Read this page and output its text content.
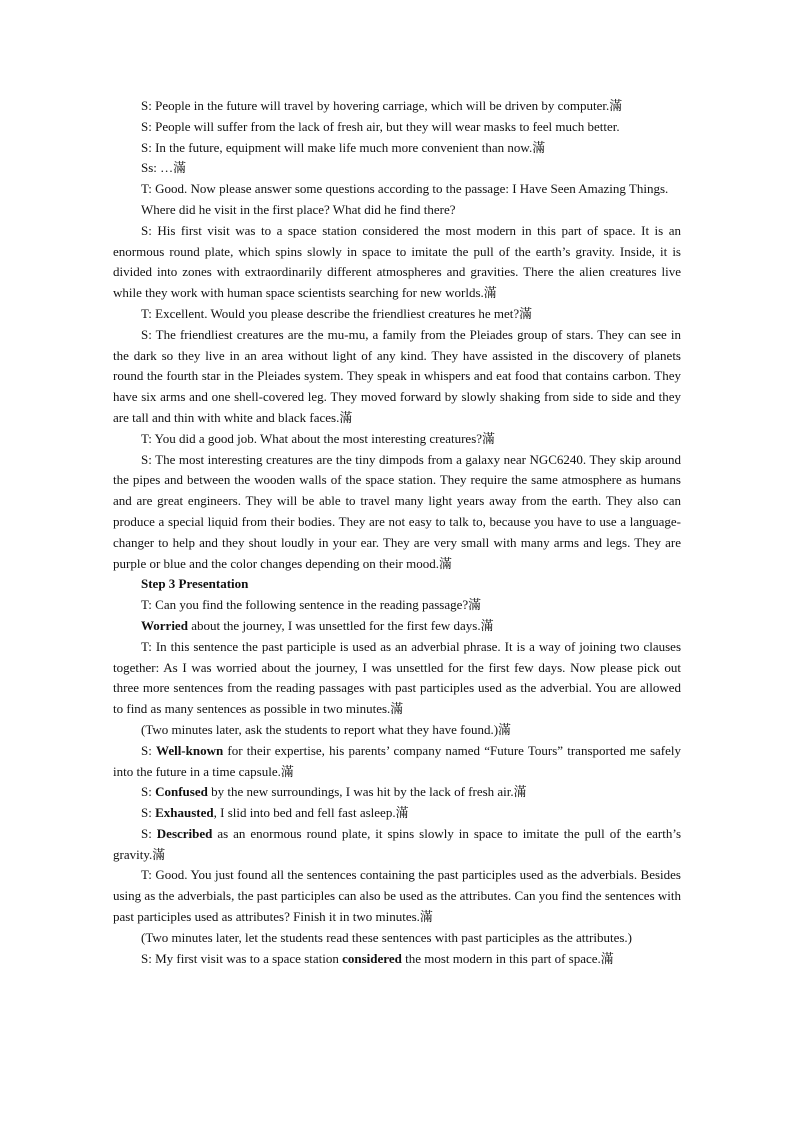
S: People in the future will travel by hovering carriage, which will be driven by computer.滿

S: People will suffer from the lack of fresh air, but they will wear masks to feel much better.

S: In the future, equipment will make life much more convenient than now.滿

Ss: …滿

T: Good. Now please answer some questions according to the passage: I Have Seen Amazing Things.

Where did he visit in the first place? What did he find there?

S: His first visit was to a space station considered the most modern in this part of space. It is an enormous round plate, which spins slowly in space to imitate the pull of the earth’s gravity. Inside, it is divided into zones with extraordinarily different atmospheres and gravities. There the alien creatures live while they work with human space scientists searching for new worlds.滿

T: Excellent. Would you please describe the friendliest creatures he met?滿

S: The friendliest creatures are the mu-mu, a family from the Pleiades group of stars. They can see in the dark so they live in an area without light of any kind. They have assisted in the discovery of planets round the fourth star in the Pleiades system. They speak in whispers and eat food that contains carbon. They have six arms and one shell-covered leg. They moved forward by slowly shaking from side to side and they are tall and thin with white and black faces.滿

T: You did a good job. What about the most interesting creatures?滿

S: The most interesting creatures are the tiny dimpods from a galaxy near NGC6240. They skip around the pipes and between the wooden walls of the space station. They require the same atmosphere as humans and are great engineers. They will be able to travel many light years away from the earth. They also can produce a special liquid from their bodies. They are not easy to talk to, because you have to use a language-changer to help and they shout loudly in your ear. They are very small with many arms and legs. They are purple or blue and the color changes depending on their mood.滿

Step 3 Presentation

T: Can you find the following sentence in the reading passage?滿

Worried about the journey, I was unsettled for the first few days.滿

T: In this sentence the past participle is used as an adverbial phrase. It is a way of joining two clauses together: As I was worried about the journey, I was unsettled for the first few days. Now please pick out three more sentences from the reading passages with past participles used as the adverbial. You are allowed to find as many sentences as possible in two minutes.滿

(Two minutes later, ask the students to report what they have found.)滿

S: Well-known for their expertise, his parents’ company named “Future Tours” transported me safely into the future in a time capsule.滿

S: Confused by the new surroundings, I was hit by the lack of fresh air.滿

S: Exhausted, I slid into bed and fell fast asleep.滿

S: Described as an enormous round plate, it spins slowly in space to imitate the pull of the earth’s gravity.滿

T: Good. You just found all the sentences containing the past participles used as the adverbials. Besides using as the adverbials, the past participles can also be used as the attributes. Can you find the sentences with past participles used as attributes? Finish it in two minutes.滿

(Two minutes later, let the students read these sentences with past participles as the attributes.)

S: My first visit was to a space station considered the most modern in this part of space.滿
